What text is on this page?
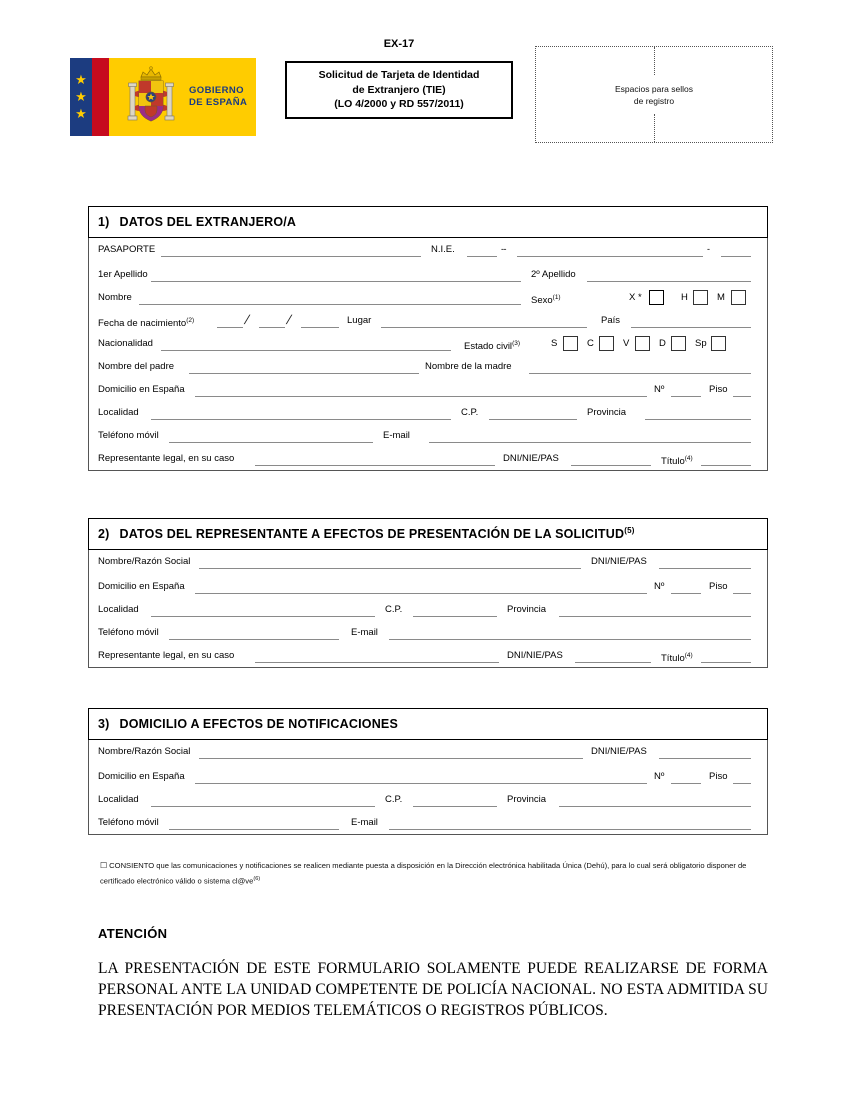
★
★
★
GOBIERNO
DE ESPAÑA
EX-17
Solicitud de Tarjeta de Identidad
de Extranjero (TIE)
(LO 4/2000 y RD 557/2011)
Espacios para sellos
de registro
1) DATOS DEL EXTRANJERO/A
PASAPORTE	N.I.E.	--	-
1er Apellido	2º Apellido
Nombre	Sexo$^{(1)}$	X *	H	M
Fecha de nacimiento$^{(2)}$	/	/	Lugar	País
Nacionalidad	Estado civil$^{(3)}$	S	C	V	D	Sp
Nombre del padre	Nombre de la madre
Domicilio en España	Nº	Piso
Localidad	C.P.	Provincia
Teléfono móvil	E-mail
Representante legal, en su caso	DNI/NIE/PAS	Título$^{(4)}$
2) DATOS DEL REPRESENTANTE A EFECTOS DE PRESENTACIÓN DE LA SOLICITUD$^{(5)}$
Nombre/Razón Social	DNI/NIE/PAS
Domicilio en España	Nº	Piso
Localidad	C.P.	Provincia
Teléfono móvil	E-mail
Representante legal, en su caso	DNI/NIE/PAS	Título$^{(4)}$
3) DOMICILIO A EFECTOS DE NOTIFICACIONES
Nombre/Razón Social	DNI/NIE/PAS
Domicilio en España	Nº	Piso
Localidad	C.P.	Provincia
Teléfono móvil	E-mail
☐ CONSIENTO que las comunicaciones y notificaciones se realicen mediante puesta a disposición en la Dirección electrónica habilitada Única (Dehú), para lo cual será obligatorio disponer de certificado electrónico válido o sistema $cl@ve^{(6)}$
ATENCIÓN
LA PRESENTACIÓN DE ESTE FORMULARIO SOLAMENTE PUEDE REALIZARSE DE FORMA PERSONAL ANTE LA UNIDAD COMPETENTE DE POLICÍA NACIONAL. NO ESTA ADMITIDA SU PRESENTACIÓN POR MEDIOS TELEMÁTICOS O REGISTROS PÚBLICOS.
